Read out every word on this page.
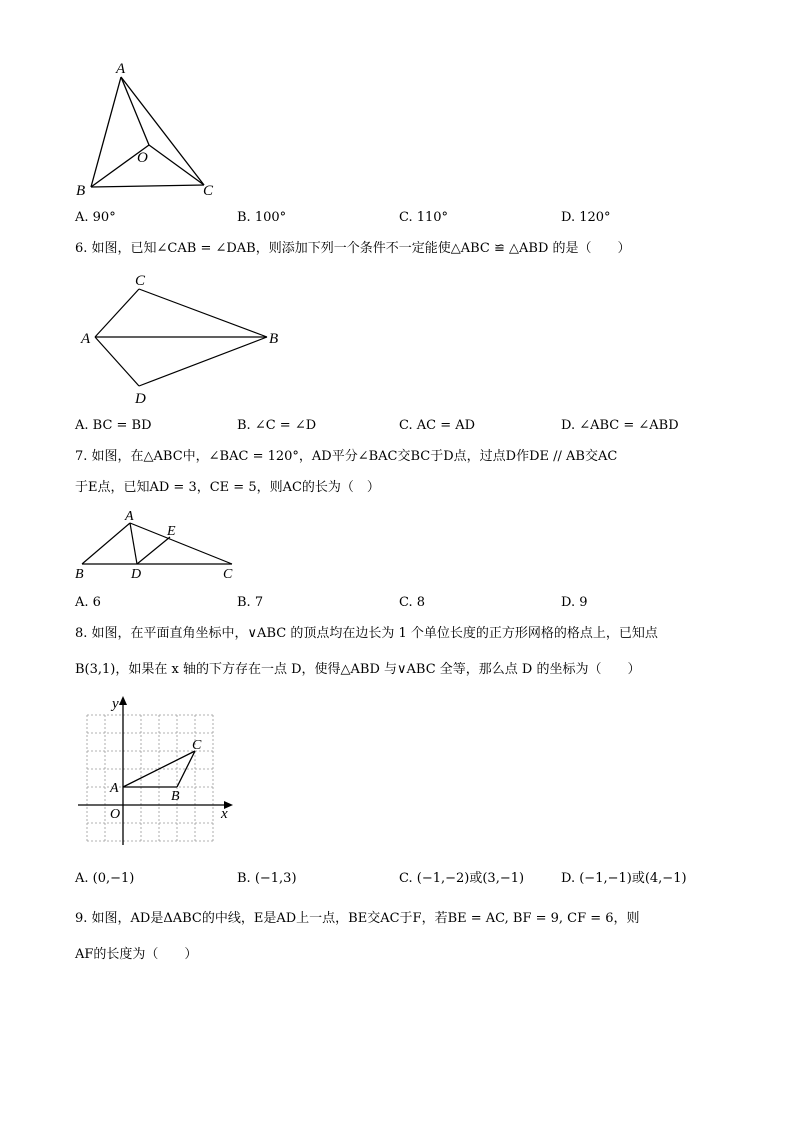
A
O
B	C
A. 90°	B. 100°	C. 110°	D. 120°
6. 如图，已知∠CAB = ∠DAB，则添加下列一个条件不一定能使△ABC ≌ △ABD 的是（　　）
C
A	B
D
A. BC = BD	B. ∠C = ∠D	C. AC = AD	D. ∠ABC = ∠ABD
7. 如图，在△ABC中，∠BAC = 120°，AD平分∠BAC交BC于D点，过点D作DE // AB交AC
于E点，已知AD = 3，CE = 5，则AC的长为（　）
A
E
B	D	C
A. 6	B. 7	C. 8	D. 9
8. 如图，在平面直角坐标中，∨ABC 的顶点均在边长为 1 个单位长度的正方形网格的格点上，已知点
B(3,1)，如果在 x 轴的下方存在一点 D，使得△ABD 与∨ABC 全等，那么点 D 的坐标为（　　）
y
x
O
A
B
C
A. (0,−1)	B. (−1,3)	C. (−1,−2)或(3,−1)	D. (−1,−1)或(4,−1)
9. 如图，AD是ΔABC的中线，E是AD上一点，BE交AC于F，若BE = AC, BF = 9, CF = 6，则
AF的长度为（　　）
